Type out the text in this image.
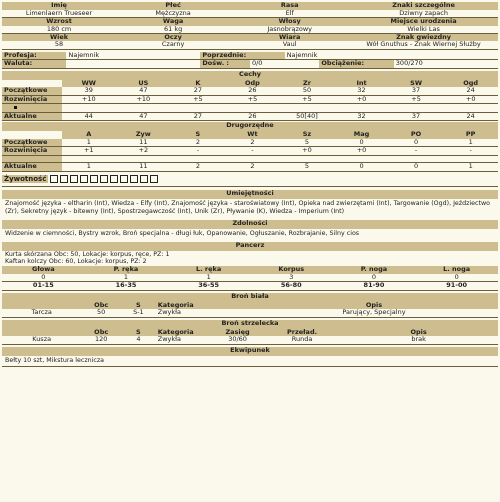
Imię	Płeć	Rasa	Znaki szczególne
Limenlaern Trueseer	Mężczyzna	Elf	Dziwny zapach
Wzrost	Waga	Włosy	Miejsce urodzenia
180 cm	61 kg	Jasnobrązowy	Wielki Las
Wiek	Oczy	Wiara	Znak gwiezdny
58	Czarny	Vaul	Wół Gnuthus - Znak Wiernej Służby
Profesja:	Najemnik	Poprzednie:	Najemnik
Waluta:		Dośw. :	0/0	Obciążenie:	300/270
Cechy
	WW	US	K	Odp	Zr	Int	SW	Ogd
Początkowe	39	47	27	26	50	32	37	24
Rozwinięcia	+10	+10	+5	+5	+5	+0	+5	+0

Aktualne	44	47	27	26	50[40]	32	37	24
Drugorzędne
	A	Żyw	S	Wt	Sz	Mag	PO	PP
Początkowe	1	11	2	2	5	0	0	1
Rozwinięcia	+1	+2	-	-	+0	+0	-	-

Aktualne	1	11	2	2	5	0	0	1
Żywotność
Umiejętności
Znajomość języka - eltharin (Int), Wiedza - Elfy (Int), Znajomość języka - staroświatowy (Int), Opieka nad zwierzętami (Int), Targowanie (Ogd), Jeździectwo (Zr), Sekretny język - bitewny (Int), Spostrzegawczość (Int), Unik (Zr), Pływanie (K), Wiedza - Imperium (Int)
Zdolności
Widzenie w ciemności, Bystry wzrok, Broń specjalna - długi łuk, Opanowanie, Ogłuszanie, Rozbrajanie, Silny cios
Pancerz
Kurta skórzana Obc: 50, Lokacje: korpus, ręce, PZ: 1
Kaftan kolczy Obc: 60, Lokacje: korpus, PZ: 2
Głowa	P. ręka	L. ręka	Korpus	P. noga	L. noga
0	1	1	3	0	0
01-15	16-35	36-55	56-80	81-90	91-00
Broń biała
	Obc	S	Kategoria	Opis
Tarcza	50	S-1	Zwykła	Parujący, Specjalny
Broń strzelecka
	Obc	S	Kategoria	Zasięg	Przeład.	Opis
Kusza	120	4	Zwykła	30/60	Runda	brak
Ekwipunek
Bełty 10 szt, Mikstura lecznicza
